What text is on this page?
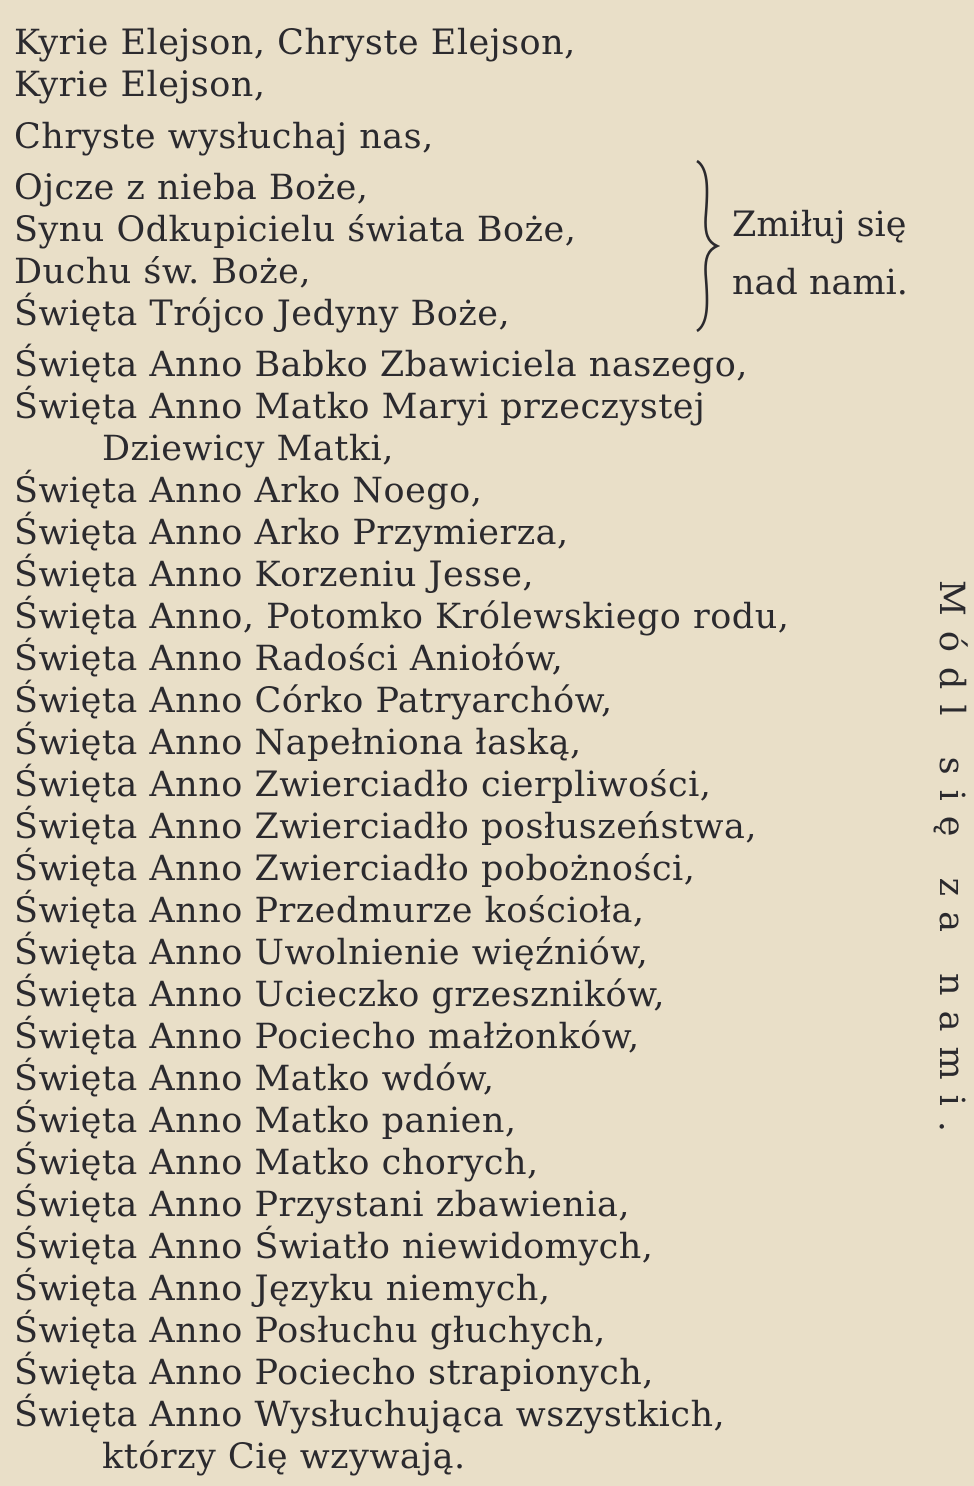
Kyrie Elejson, Chryste Elejson,
Kyrie Elejson,
Chryste wysłuchaj nas,
Ojcze z nieba Boże,
Synu Odkupicielu świata Boże,
Duchu św. Boże,
Święta Trójco Jedyny Boże,
Zmiłuj się
nad nami.
Święta Anno Babko Zbawiciela naszego,
Święta Anno Matko Maryi przeczystej
Dziewicy Matki,
Święta Anno Arko Noego,
Święta Anno Arko Przymierza,
Święta Anno Korzeniu Jesse,
Święta Anno, Potomko Królewskiego rodu,
Święta Anno Radości Aniołów,
Święta Anno Córko Patryarchów,
Święta Anno Napełniona łaską,
Święta Anno Zwierciadło cierpliwości,
Święta Anno Zwierciadło posłuszeństwa,
Święta Anno Zwierciadło pobożności,
Święta Anno Przedmurze kościoła,
Święta Anno Uwolnienie więźniów,
Święta Anno Ucieczko grzeszników,
Święta Anno Pociecho małżonków,
Święta Anno Matko wdów,
Święta Anno Matko panien,
Święta Anno Matko chorych,
Święta Anno Przystani zbawienia,
Święta Anno Światło niewidomych,
Święta Anno Języku niemych,
Święta Anno Posłuchu głuchych,
Święta Anno Pociecho strapionych,
Święta Anno Wysłuchująca wszystkich,
którzy Cię wzywają.
Módl się za nami.
